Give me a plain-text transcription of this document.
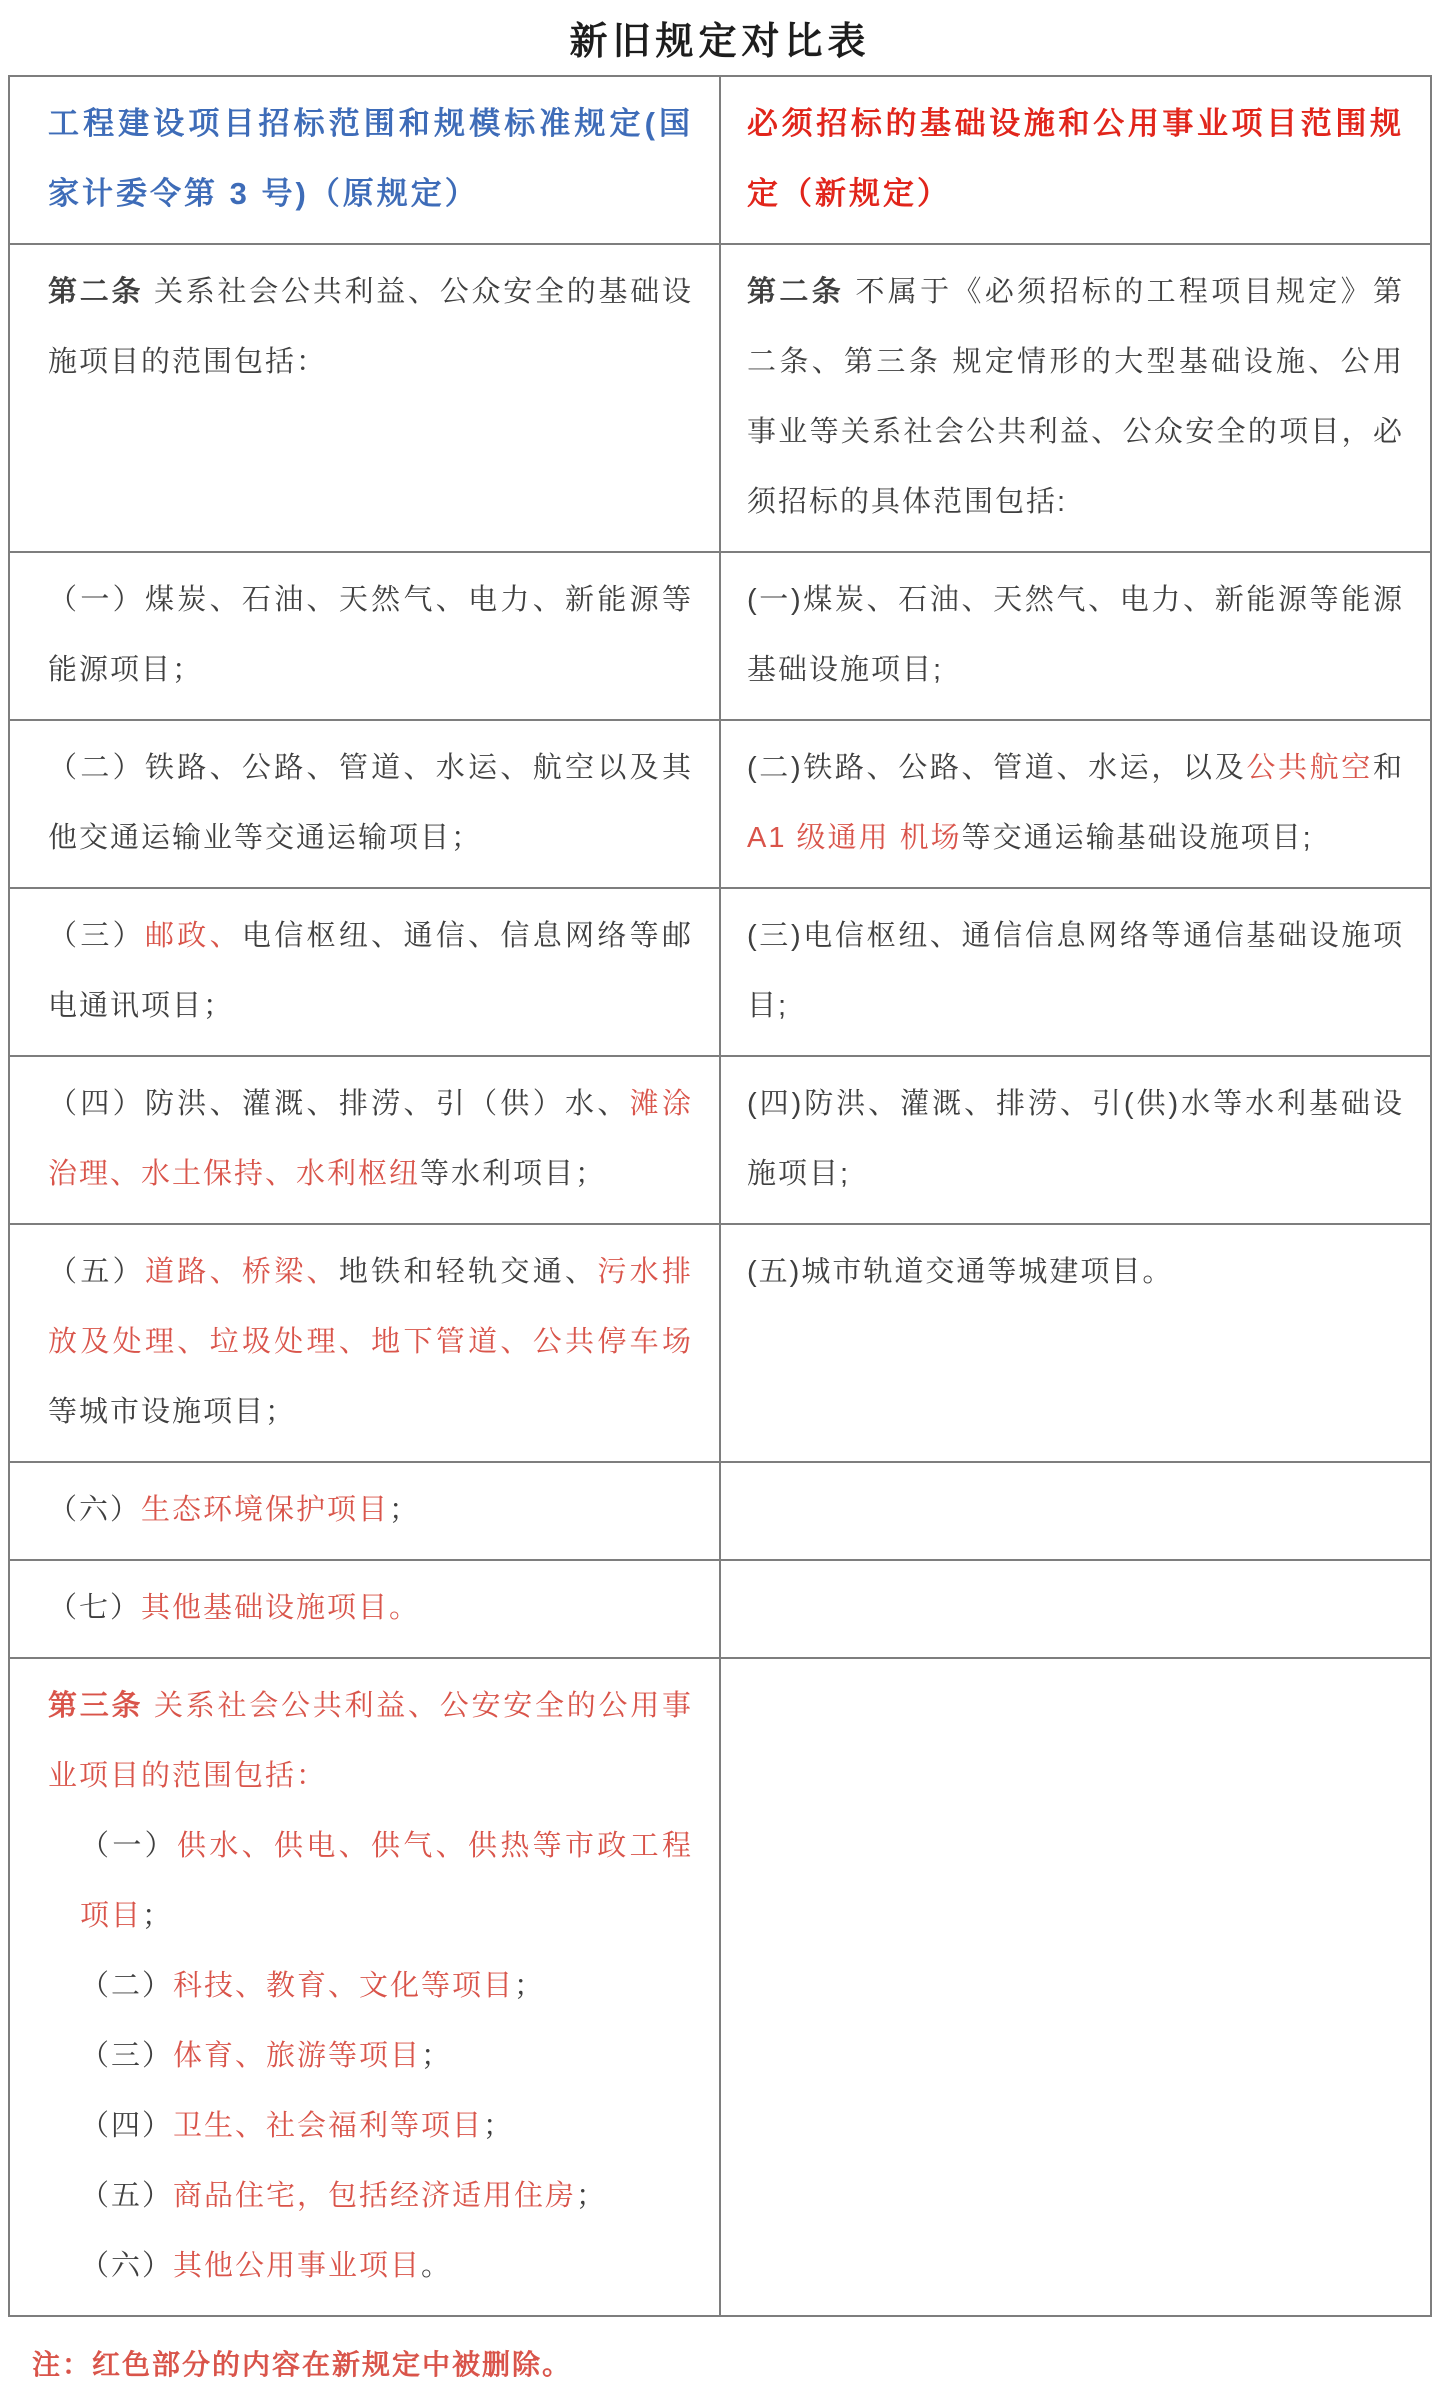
新旧规定对比表
工程建设项目招标范围和规模标准规定(国家计委令第 3 号)（原规定）	必须招标的基础设施和公用事业项目范围规定（新规定）

第二条 关系社会公共利益、公众安全的基础设施项目的范围包括：

第二条 不属于《必须招标的工程项目规定》第二条、第三条 规定情形的大型基础设施、公用事业等关系社会公共利益、公众安全的项目，必须招标的具体范围包括:

（一）煤炭、石油、天然气、电力、新能源等能源项目；

(一)煤炭、石油、天然气、电力、新能源等能源基础设施项目;

（二）铁路、公路、管道、水运、航空以及其他交通运输业等交通运输项目；

(二)铁路、公路、管道、水运，以及公共航空和 A1 级通用 机场等交通运输基础设施项目;

（三）邮政、电信枢纽、通信、信息网络等邮电通讯项目；

(三)电信枢纽、通信信息网络等通信基础设施项目;

（四）防洪、灌溉、排涝、引（供）水、滩涂治理、水土保持、水利枢纽等水利项目；

(四)防洪、灌溉、排涝、引(供)水等水利基础设施项目;

（五）道路、桥梁、地铁和轻轨交通、污水排放及处理、垃圾处理、地下管道、公共停车场等城市设施项目；

(五)城市轨道交通等城建项目。

（六）生态环境保护项目；

（七）其他基础设施项目。

第三条 关系社会公共利益、公安安全的公用事业项目的范围包括：

（一）供水、供电、供气、供热等市政工程项目；

（二）科技、教育、文化等项目；

（三）体育、旅游等项目；

（四）卫生、社会福利等项目；

（五）商品住宅，包括经济适用住房；

（六）其他公用事业项目。

注：红色部分的内容在新规定中被删除。
